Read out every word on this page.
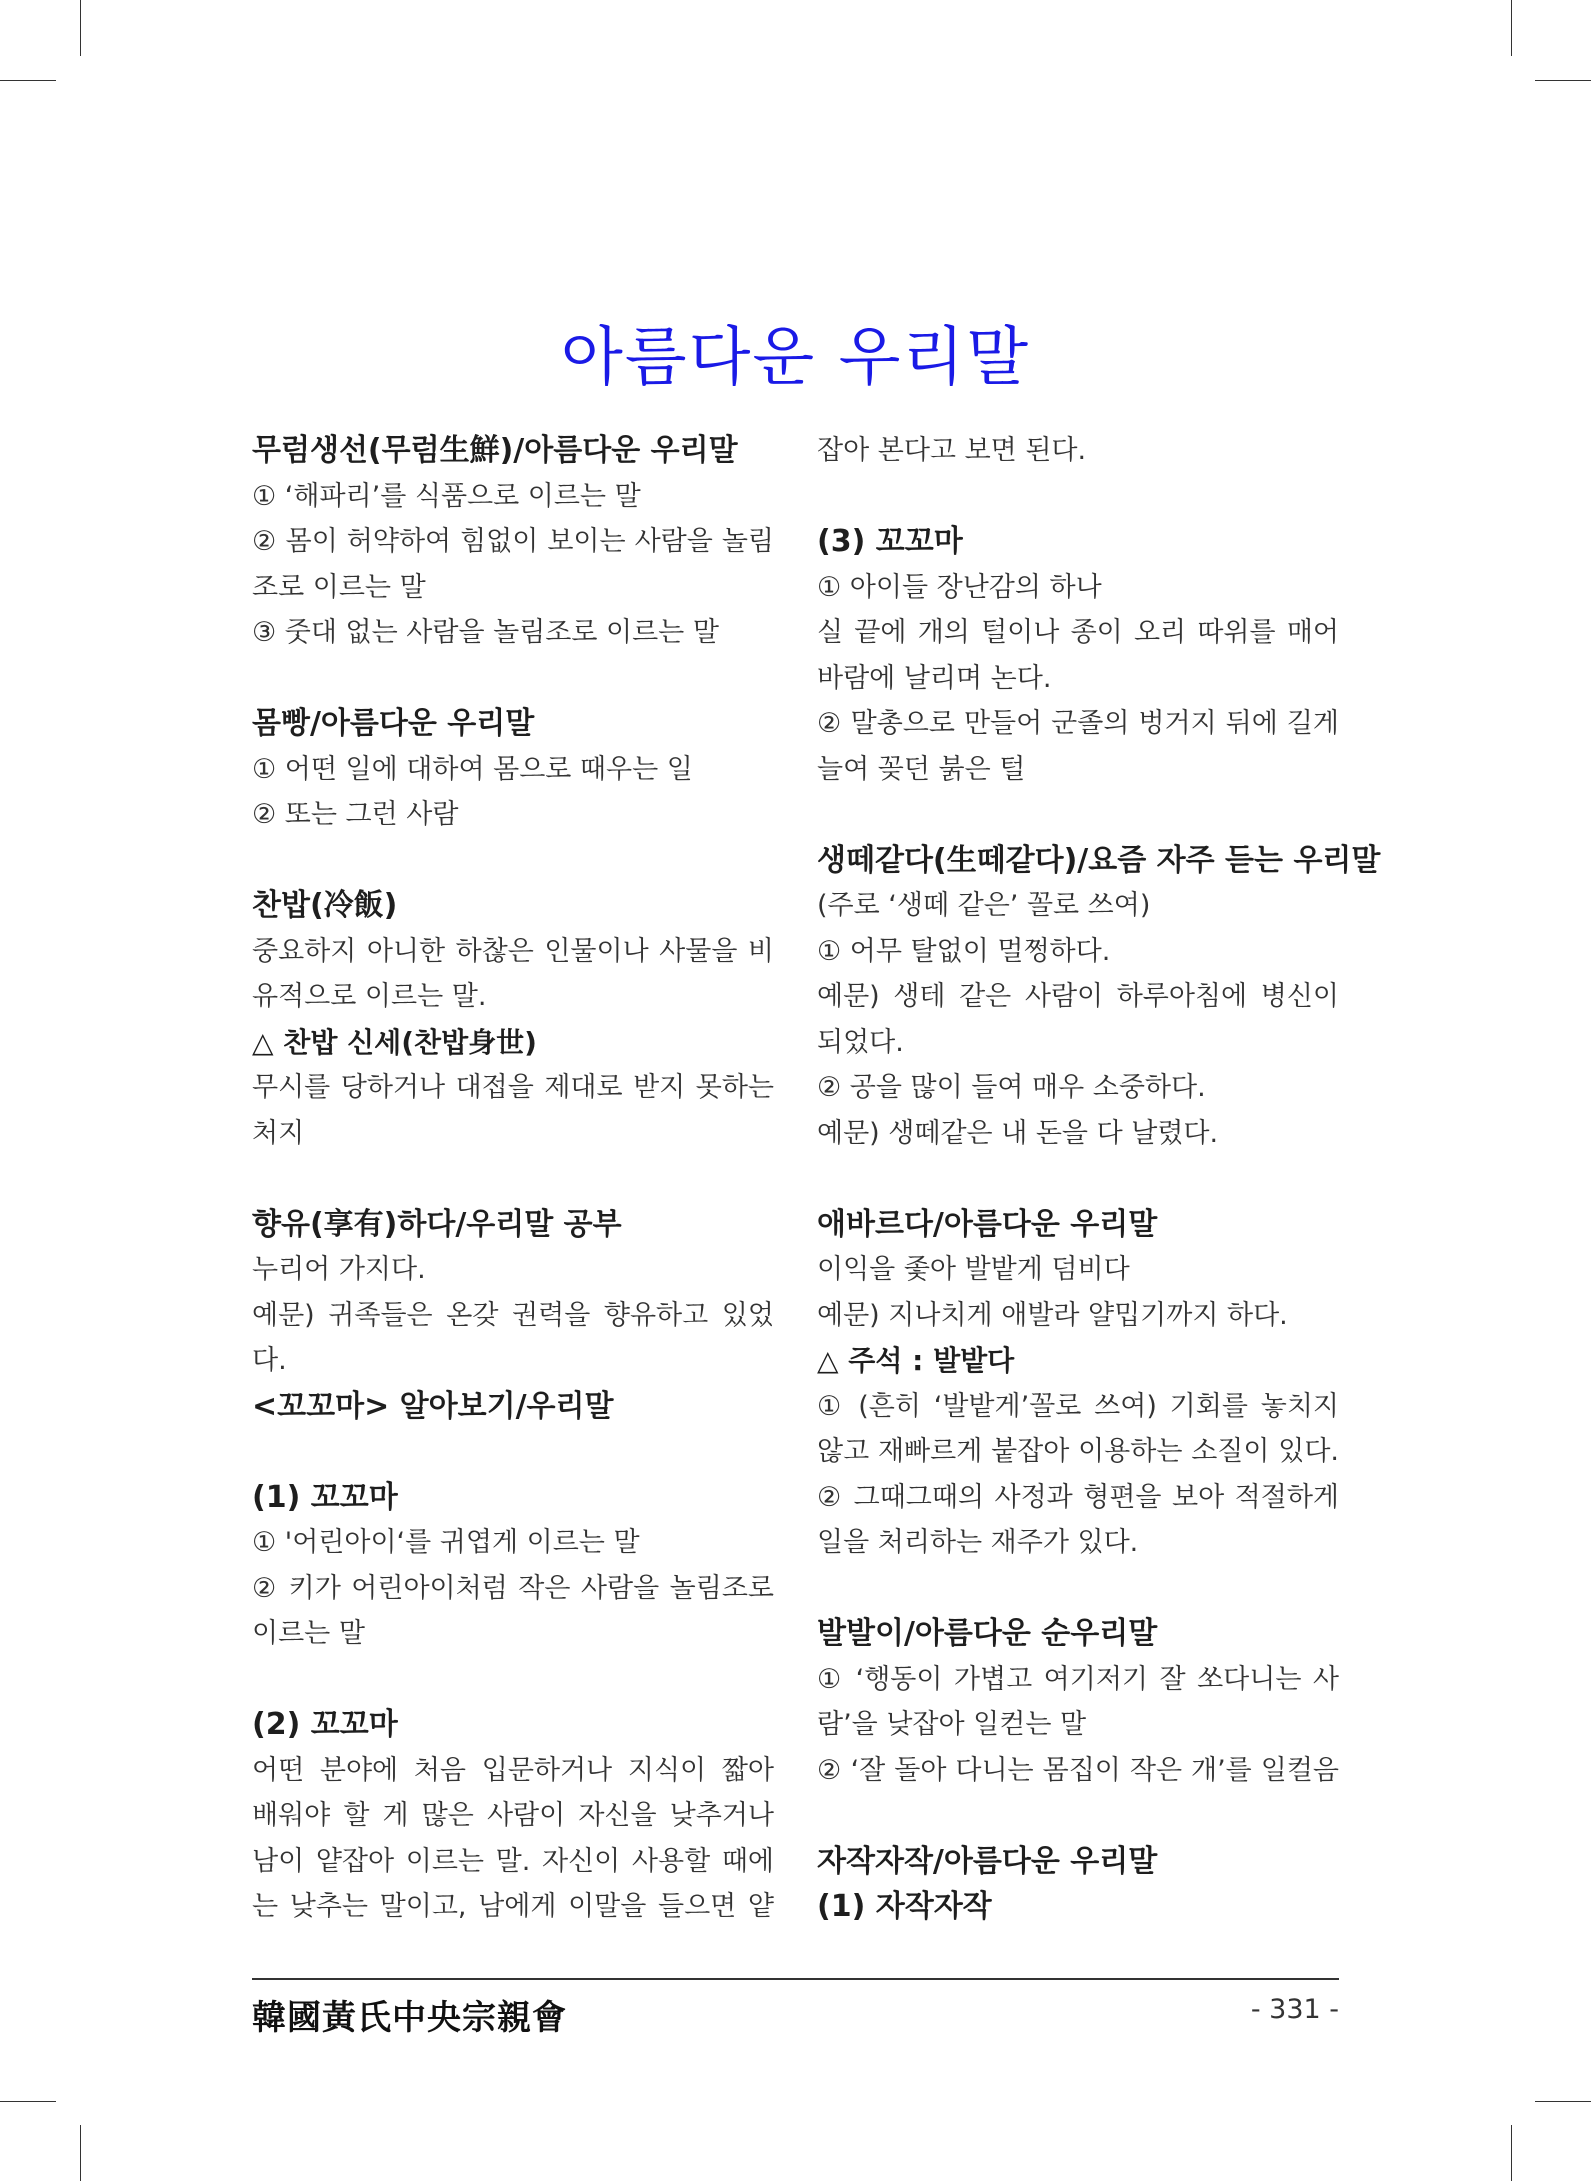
아름다운 우리말
무럼생선(무럼生鮮)/아름다운 우리말
① ‘해파리’를 식품으로 이르는 말
② 몸이 허약하여 힘없이 보이는 사람을 놀림
조로 이르는 말
③ 줏대 없는 사람을 놀림조로 이르는 말
몸빵/아름다운 우리말
① 어떤 일에 대하여 몸으로 때우는 일
② 또는 그런 사람
찬밥(冷飯)
중요하지 아니한 하찮은 인물이나 사물을 비
유적으로 이르는 말.
△ 찬밥 신세(찬밥身世)
무시를 당하거나 대접을 제대로 받지 못하는
처지
향유(享有)하다/우리말 공부
누리어 가지다.
예문) 귀족들은 온갖 권력을 향유하고 있었다.
<꼬꼬마> 알아보기/우리말
(1) 꼬꼬마
① '어린아이‘를 귀엽게 이르는 말
② 키가 어린아이처럼 작은 사람을 놀림조로
이르는 말
(2) 꼬꼬마
어떤 분야에 처음 입문하거나 지식이 짧아
배워야 할 게 많은 사람이 자신을 낮추거나
남이 얕잡아 이르는 말. 자신이 사용할 때에
는 낮추는 말이고, 남에게 이말을 들으면 얕
잡아 본다고 보면 된다.
(3) 꼬꼬마
① 아이들 장난감의 하나
실 끝에 개의 털이나 종이 오리 따위를 매어
바람에 날리며 논다.
② 말총으로 만들어 군졸의 벙거지 뒤에 길게
늘여 꽂던 붉은 털
생떼같다(生떼같다)/요즘 자주 듣는 우리말
(주로 ‘생떼 같은’ 꼴로 쓰여)
① 어무 탈없이 멀쩡하다.
예문) 생테 같은 사람이 하루아침에 병신이
되었다.
② 공을 많이 들여 매우 소중하다.
예문) 생떼같은 내 돈을 다 날렸다.
애바르다/아름다운 우리말
이익을 좇아 발밭게 덤비다
예문) 지나치게 애발라 얄밉기까지 하다.
△ 주석 : 발밭다
① (흔히 ‘발밭게’꼴로 쓰여) 기회를 놓치지
않고 재빠르게 붙잡아 이용하는 소질이 있다.
② 그때그때의 사정과 형편을 보아 적절하게
일을 처리하는 재주가 있다.
발발이/아름다운 순우리말
① ‘행동이 가볍고 여기저기 잘 쏘다니는 사
람’을 낮잡아 일컫는 말
② ‘잘 돌아 다니는 몸집이 작은 개’를 일컬음
자작자작/아름다운 우리말
(1) 자작자작
韓國黃氏中央宗親會	- 331 -
